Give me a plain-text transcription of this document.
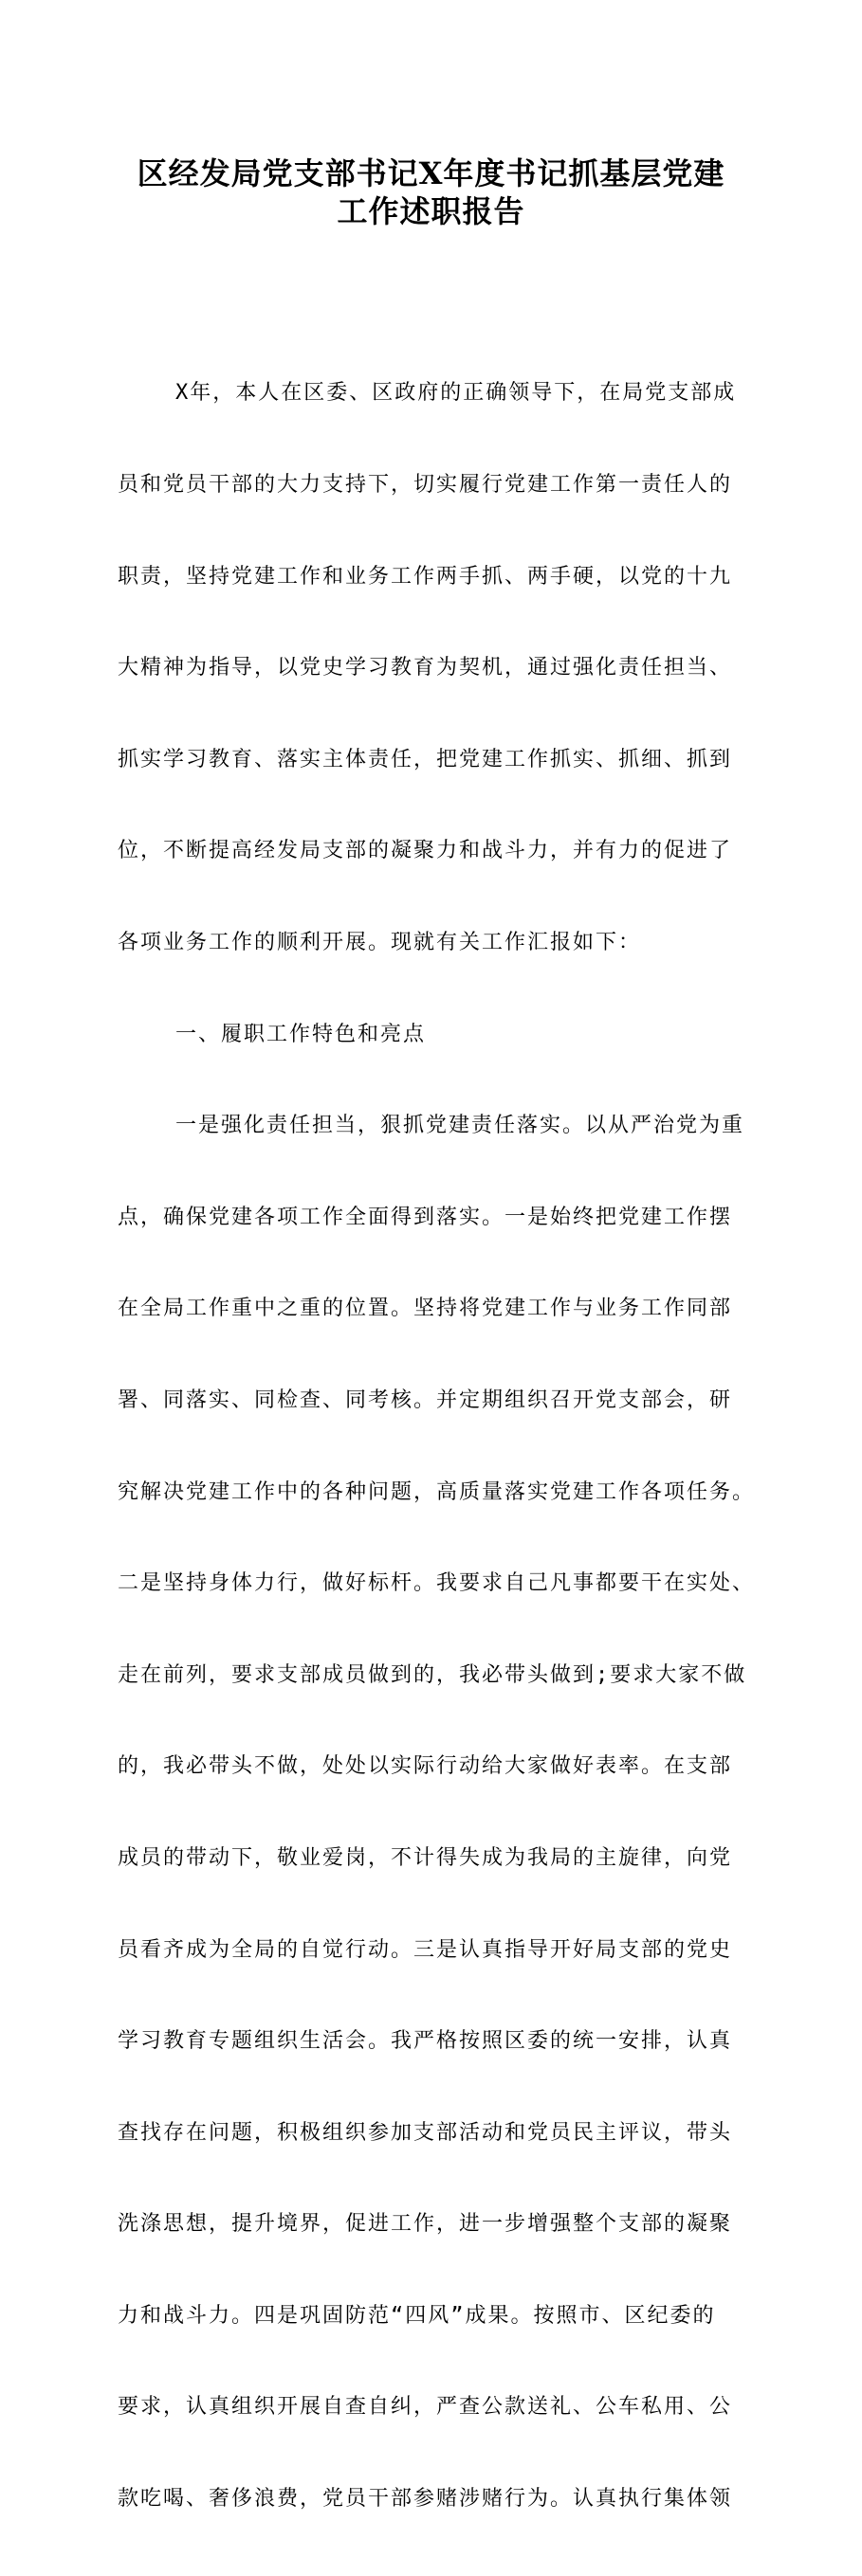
区经发局党支部书记X年度书记抓基层党建
工作述职报告

X年，本人在区委、区政府的正确领导下，在局党支部成

员和党员干部的大力支持下，切实履行党建工作第一责任人的

职责，坚持党建工作和业务工作两手抓、两手硬，以党的十九

大精神为指导，以党史学习教育为契机，通过强化责任担当、

抓实学习教育、落实主体责任，把党建工作抓实、抓细、抓到

位，不断提高经发局支部的凝聚力和战斗力，并有力的促进了

各项业务工作的顺利开展。现就有关工作汇报如下：

一、履职工作特色和亮点

一是强化责任担当，狠抓党建责任落实。以从严治党为重

点，确保党建各项工作全面得到落实。一是始终把党建工作摆

在全局工作重中之重的位置。坚持将党建工作与业务工作同部

署、同落实、同检查、同考核。并定期组织召开党支部会，研

究解决党建工作中的各种问题，高质量落实党建工作各项任务。

二是坚持身体力行，做好标杆。我要求自己凡事都要干在实处、

走在前列，要求支部成员做到的，我必带头做到;要求大家不做

的，我必带头不做，处处以实际行动给大家做好表率。在支部

成员的带动下，敬业爱岗，不计得失成为我局的主旋律，向党

员看齐成为全局的自觉行动。三是认真指导开好局支部的党史

学习教育专题组织生活会。我严格按照区委的统一安排，认真

查找存在问题，积极组织参加支部活动和党员民主评议，带头

洗涤思想，提升境界，促进工作，进一步增强整个支部的凝聚

力和战斗力。四是巩固防范“四风”成果。按照市、区纪委的

要求，认真组织开展自查自纠，严查公款送礼、公车私用、公

款吃喝、奢侈浪费，党员干部参赌涉赌行为。认真执行集体领
